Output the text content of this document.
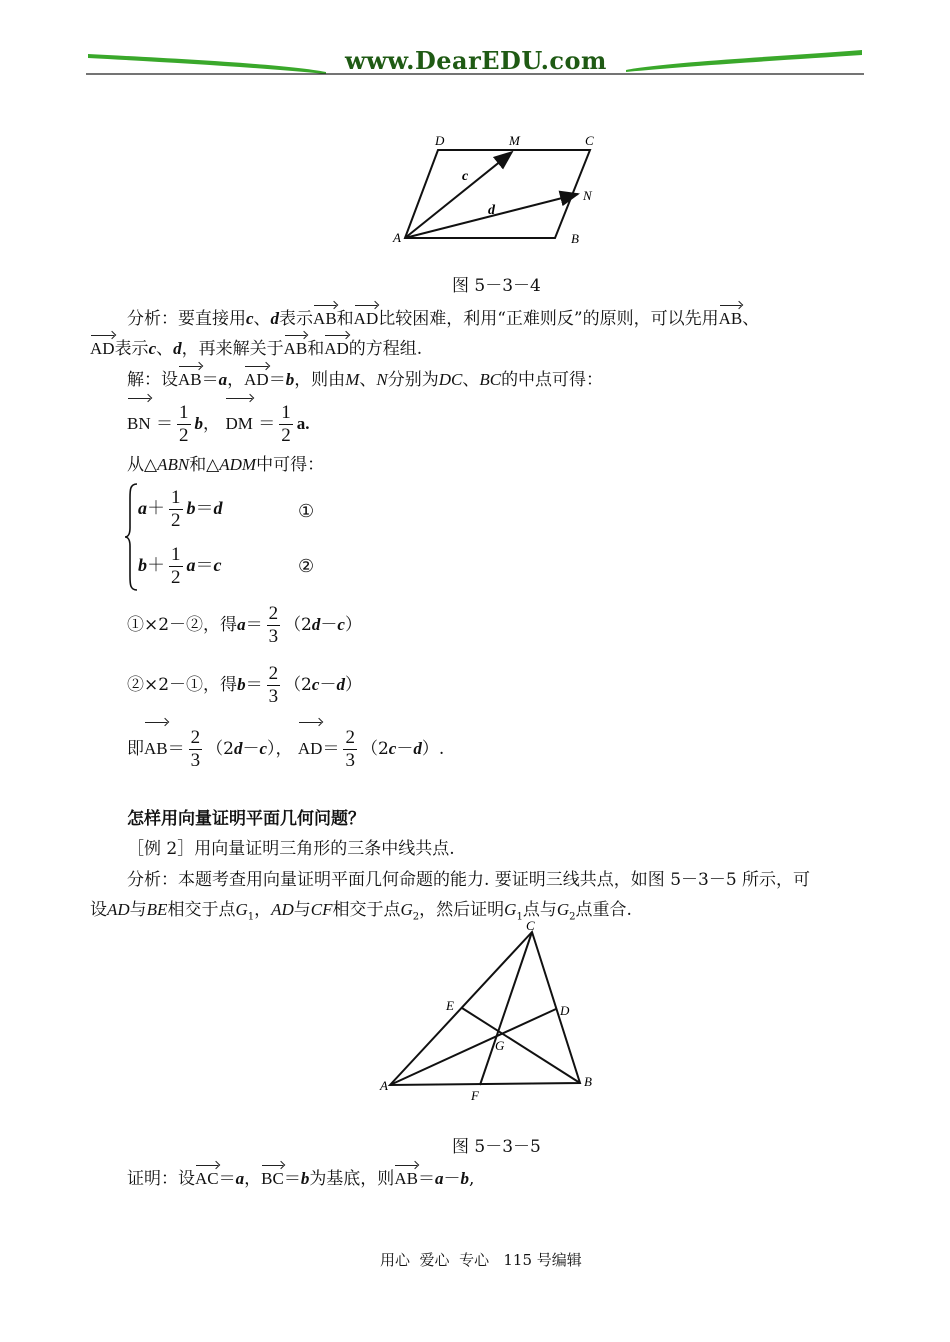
www.DearEDU.com
D	M	C
N
A	B
c
d
图 5－3－4
分析：要直接用c、d表示AB和AD比较困难，利用“正难则反”的原则，可以先用AB、
AD表示c、d，再来解关于AB和AD的方程组.
解：设AB＝a，AD＝b，则由M、N分别为DC、BC的中点可得：
BN ＝ $\frac{1}{2}$ b， DM ＝ $\frac{1}{2} a$.
从△ABN和△ADM中可得：
$a+ \frac{1}{2} b=d$	①
$b+ \frac{1}{2} a=c$	②
①×2－②，得$a= \frac{2}{3} (2d-c)$
②×2－①，得$b= \frac{2}{3} (2c-d)$
即$AB= \frac{2}{3} (2d-c)$， $AD= \frac{2}{3} (2c-d)$.
怎样用向量证明平面几何问题？
［例 2］用向量证明三角形的三条中线共点.
分析：本题考查用向量证明平面几何命题的能力. 要证明三线共点，如图 5－3－5 所示，可
设AD与BE相交于点$G_1$，AD与CF相交于点$G_2$，然后证明$G_1$点与$G_2$点重合.
C
E	D
G
A	B
F
图 5－3－5
证明：设AC＝a，BC＝b为基底，则AB＝a－b,
用心  爱心  专心   115 号编辑
